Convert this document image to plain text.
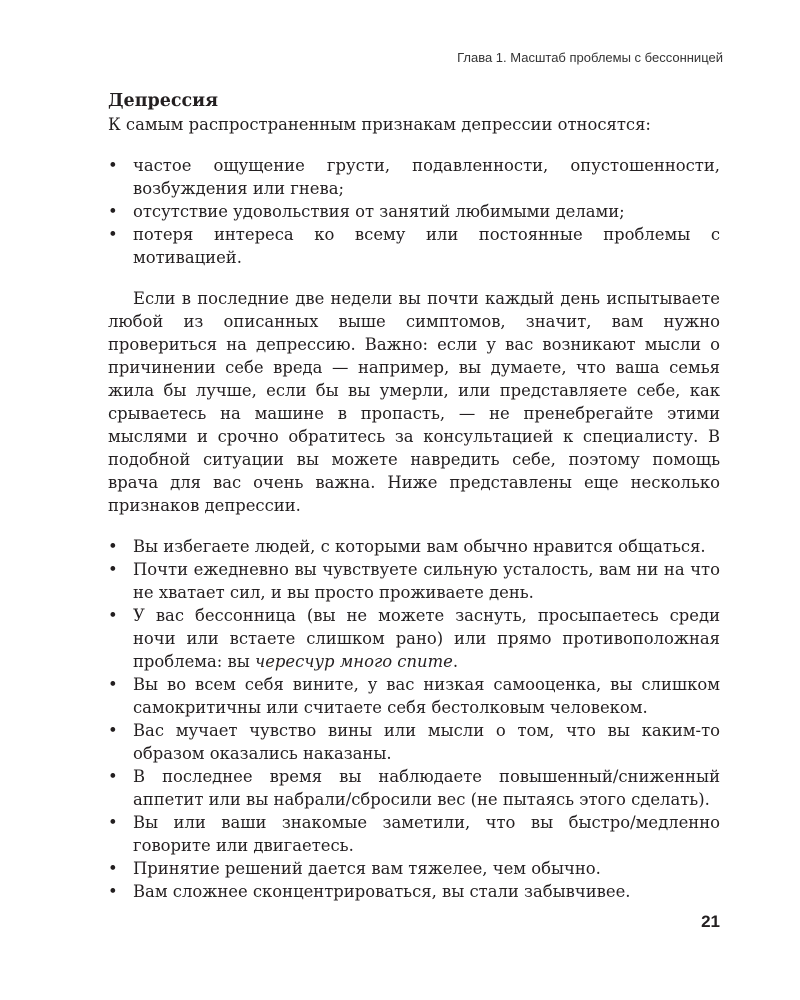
Глава 1. Масштаб проблемы с бессонницей

Депрессия

К самым распространенным признакам депрессии относятся:

• частое ощущение грусти, подавленности, опустошенности, возбуждения или гнева;
• отсутствие удовольствия от занятий любимыми делами;
• потеря интереса ко всему или постоянные проблемы с мотивацией.

Если в последние две недели вы почти каждый день испытываете любой из описанных выше симптомов, значит, вам нужно провериться на депрессию. Важно: если у вас возникают мысли о причинении себе вреда — например, вы думаете, что ваша семья жила бы лучше, если бы вы умерли, или представляете себе, как срываетесь на машине в пропасть, — не пренебрегайте этими мыслями и срочно обратитесь за консультацией к специалисту. В подобной ситуации вы можете навредить себе, поэтому помощь врача для вас очень важна. Ниже представлены еще несколько признаков депрессии.

• Вы избегаете людей, с которыми вам обычно нравится общаться.
• Почти ежедневно вы чувствуете сильную усталость, вам ни на что не хватает сил, и вы просто проживаете день.
• У вас бессонница (вы не можете заснуть, просыпаетесь среди ночи или встаете слишком рано) или прямо противоположная проблема: вы чересчур много спите.
• Вы во всем себя вините, у вас низкая самооценка, вы слишком самокритичны или считаете себя бестолковым человеком.
• Вас мучает чувство вины или мысли о том, что вы каким-то образом оказались наказаны.
• В последнее время вы наблюдаете повышенный/сниженный аппетит или вы набрали/сбросили вес (не пытаясь этого сделать).
• Вы или ваши знакомые заметили, что вы быстро/медленно говорите или двигаетесь.
• Принятие решений дается вам тяжелее, чем обычно.
• Вам сложнее сконцентрироваться, вы стали забывчивее.
21
